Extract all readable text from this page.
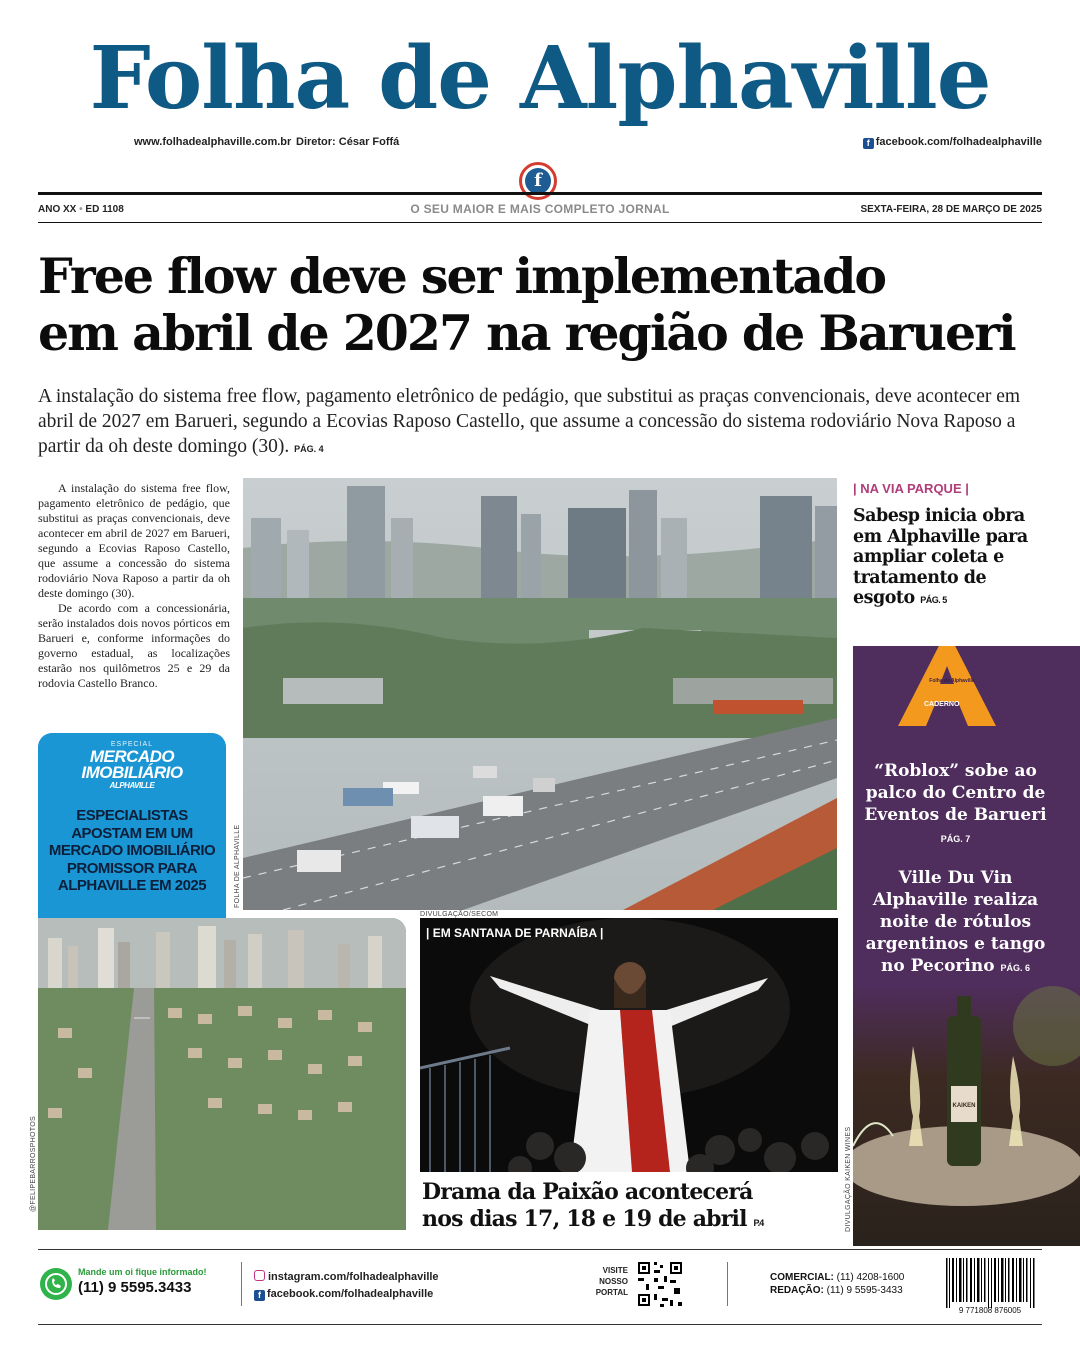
Folha de Alphaville
www.folhadealphaville.com.br Diretor: César Foffá	f facebook.com/folhadealphaville
f
ANO XX • ED 1108	O SEU MAIOR E MAIS COMPLETO JORNAL	SEXTA-FEIRA, 28 DE MARÇO DE 2025
Free flow deve ser implementado
em abril de 2027 na região de Barueri
A instalação do sistema free flow, pagamento eletrônico de pedágio, que substitui as praças convencionais, deve acontecer em abril de 2027 em Barueri, segundo a Ecovias Raposo Castello, que assume a concessão do sistema rodoviário Nova Raposo a partir da oh deste domingo (30). PÁG. 4

A instalação do sistema free flow, pagamento eletrônico de pedágio, que substitui as praças convencionais, deve acontecer em abril de 2027 em Barueri, segundo a Ecovias Raposo Castello, que assume a concessão do sistema rodoviário Nova Raposo a partir da oh deste domingo (30).

De acordo com a concessionária, serão instalados dois novos pórticos em Barueri e, conforme informações do governo estadual, as localizações estarão nos quilômetros 25 e 29 da rodovia Castello Branco.

FOLHA DE ALPHAVILLE
| NA VIA PARQUE |
Sabesp inicia obra em Alphaville para ampliar coleta e tratamento de esgoto PÁG. 5
Folha de Alphaville
CADERNO
“Roblox” sobe ao palco do Centro de Eventos de Barueri PÁG. 7
Ville Du Vin Alphaville realiza noite de rótulos argentinos e tango no Pecorino PÁG. 6
KAIKEN
DIVULGAÇÃO KAIKEN WINES
ESPECIAL
MERCADO
IMOBILIÁRIO
ALPHAVILLE
ESPECIALISTAS APOSTAM EM UM MERCADO IMOBILIÁRIO PROMISSOR PARA ALPHAVILLE EM 2025
@FELIPEBARROSPHOTOS
DIVULGAÇÃO/SECOM
| EM SANTANA DE PARNAÍBA |
Drama da Paixão acontecerá
nos dias 17, 18 e 19 de abril P.4
Mande um oi fique informado!
(11) 9 5595.3433
instagram.com/folhadealphaville
f facebook.com/folhadealphaville
VISITE
NOSSO
PORTAL
COMERCIAL: (11) 4208-1600
REDAÇÃO: (11) 9 5595-3433
9 771808 876005
